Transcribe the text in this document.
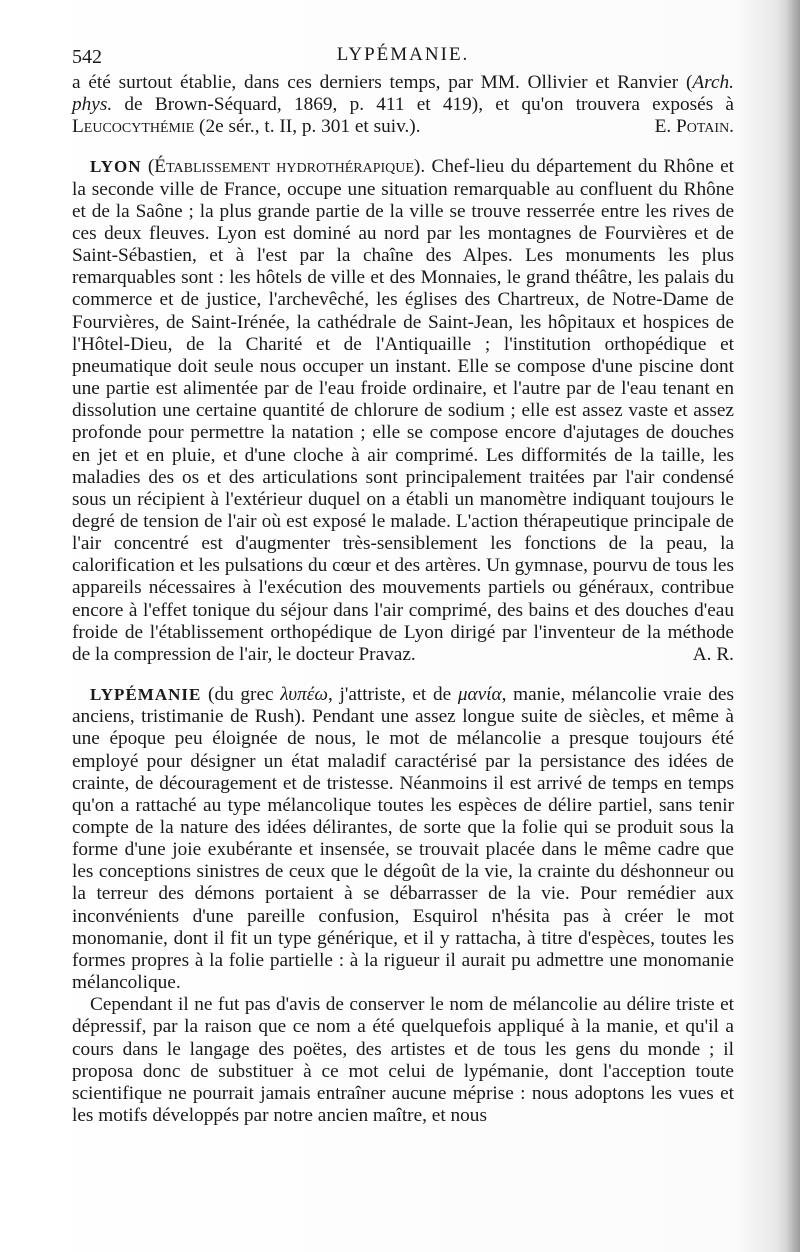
542	LYPÉMANIE.

a été surtout établie, dans ces derniers temps, par MM. Ollivier et Ranvier (Arch. phys. de Brown-Séquard, 1869, p. 411 et 419), et qu'on trouvera exposés à Leucocythémie (2e sér., t. II, p. 301 et suiv.).	E. Potain.

LYON (Établissement hydrothérapique). Chef-lieu du département du Rhône et la seconde ville de France, occupe une situation remarquable au confluent du Rhône et de la Saône ; la plus grande partie de la ville se trouve resserrée entre les rives de ces deux fleuves. Lyon est dominé au nord par les montagnes de Fourvières et de Saint-Sébastien, et à l'est par la chaîne des Alpes. Les monuments les plus remarquables sont : les hôtels de ville et des Monnaies, le grand théâtre, les palais du commerce et de justice, l'archevêché, les églises des Chartreux, de Notre-Dame de Fourvières, de Saint-Irénée, la cathédrale de Saint-Jean, les hôpitaux et hospices de l'Hôtel-Dieu, de la Charité et de l'Antiquaille ; l'institution orthopédique et pneumatique doit seule nous occuper un instant. Elle se compose d'une piscine dont une partie est alimentée par de l'eau froide ordinaire, et l'autre par de l'eau tenant en dissolution une certaine quantité de chlorure de sodium ; elle est assez vaste et assez profonde pour permettre la natation ; elle se compose encore d'ajutages de douches en jet et en pluie, et d'une cloche à air comprimé. Les difformités de la taille, les maladies des os et des articulations sont principalement traitées par l'air condensé sous un récipient à l'extérieur duquel on a établi un manomètre indiquant toujours le degré de tension de l'air où est exposé le malade. L'action thérapeutique principale de l'air concentré est d'augmenter très-sensiblement les fonctions de la peau, la calorification et les pulsations du cœur et des artères. Un gymnase, pourvu de tous les appareils nécessaires à l'exécution des mouvements partiels ou généraux, contribue encore à l'effet tonique du séjour dans l'air comprimé, des bains et des douches d'eau froide de l'établissement orthopédique de Lyon dirigé par l'inventeur de la méthode de la compression de l'air, le docteur Pravaz.	A. R.

LYPÉMANIE (du grec λυπέω, j'attriste, et de μανία, manie, mélancolie vraie des anciens, tristimanie de Rush). Pendant une assez longue suite de siècles, et même à une époque peu éloignée de nous, le mot de mélancolie a presque toujours été employé pour désigner un état maladif caractérisé par la persistance des idées de crainte, de découragement et de tristesse. Néanmoins il est arrivé de temps en temps qu'on a rattaché au type mélancolique toutes les espèces de délire partiel, sans tenir compte de la nature des idées délirantes, de sorte que la folie qui se produit sous la forme d'une joie exubérante et insensée, se trouvait placée dans le même cadre que les conceptions sinistres de ceux que le dégoût de la vie, la crainte du déshonneur ou la terreur des démons portaient à se débarrasser de la vie. Pour remédier aux inconvénients d'une pareille confusion, Esquirol n'hésita pas à créer le mot monomanie, dont il fit un type générique, et il y rattacha, à titre d'espèces, toutes les formes propres à la folie partielle : à la rigueur il aurait pu admettre une monomanie mélancolique.

Cependant il ne fut pas d'avis de conserver le nom de mélancolie au délire triste et dépressif, par la raison que ce nom a été quelquefois appliqué à la manie, et qu'il a cours dans le langage des poëtes, des artistes et de tous les gens du monde ; il proposa donc de substituer à ce mot celui de lypémanie, dont l'acception toute scientifique ne pourrait jamais entraîner aucune méprise : nous adoptons les vues et les motifs développés par notre ancien maître, et nous
